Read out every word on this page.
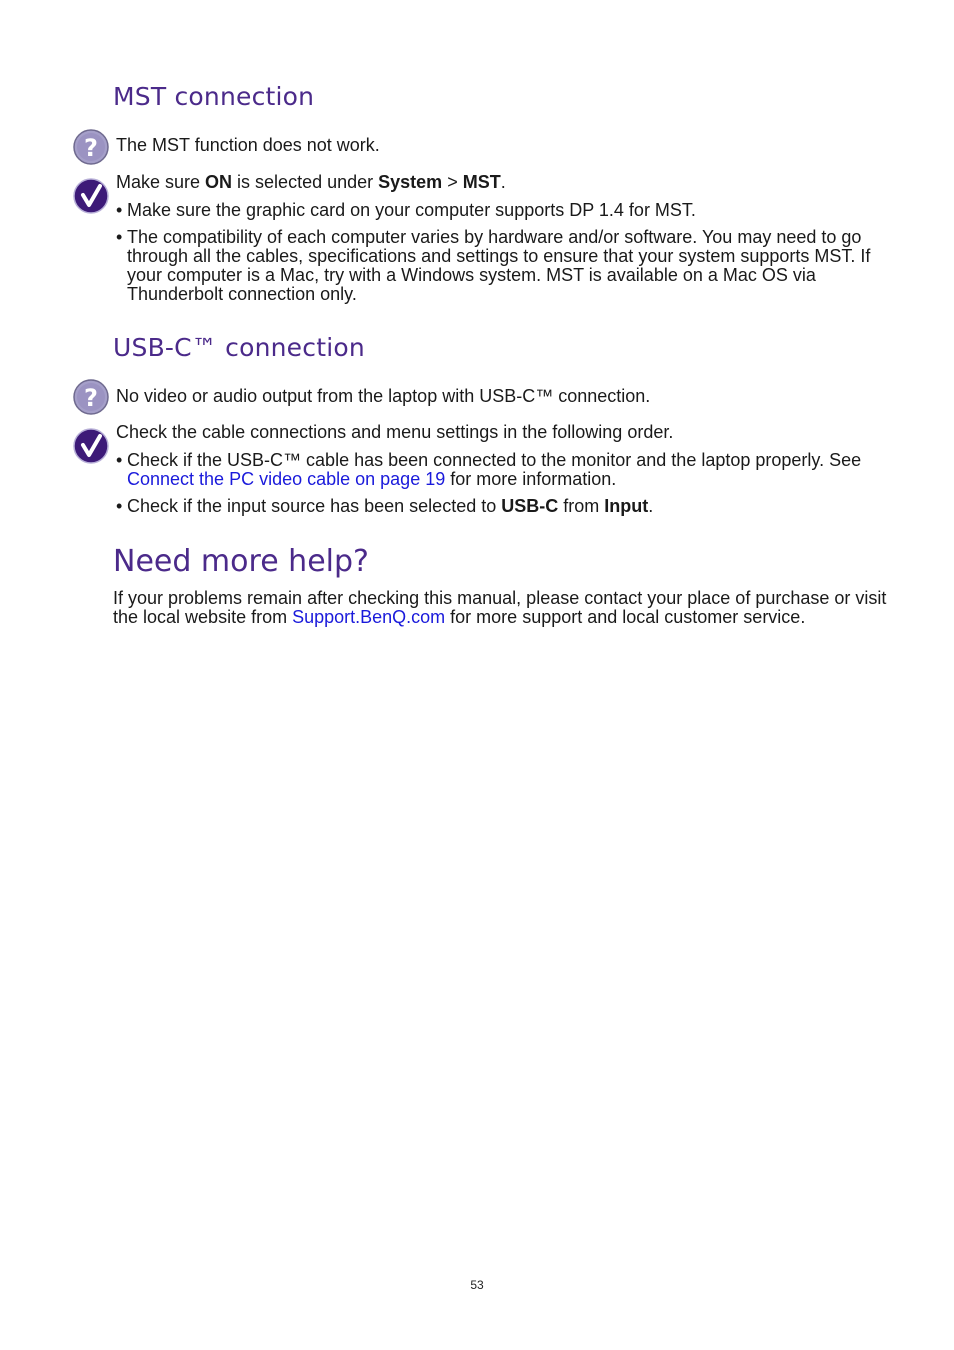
MST connection
? The MST function does not work.
Make sure ON is selected under System > MST.
• Make sure the graphic card on your computer supports DP 1.4 for MST.
• The compatibility of each computer varies by hardware and/or software. You may need to go through all the cables, specifications and settings to ensure that your system supports MST. If your computer is a Mac, try with a Windows system. MST is available on a Mac OS via Thunderbolt connection only.
USB-C™ connection
? No video or audio output from the laptop with USB-C™ connection.
Check the cable connections and menu settings in the following order.
• Check if the USB-C™ cable has been connected to the monitor and the laptop properly. See Connect the PC video cable on page 19 for more information.
• Check if the input source has been selected to USB-C from Input.
Need more help?
If your problems remain after checking this manual, please contact your place of purchase or visit the local website from Support.BenQ.com for more support and local customer service.
53
